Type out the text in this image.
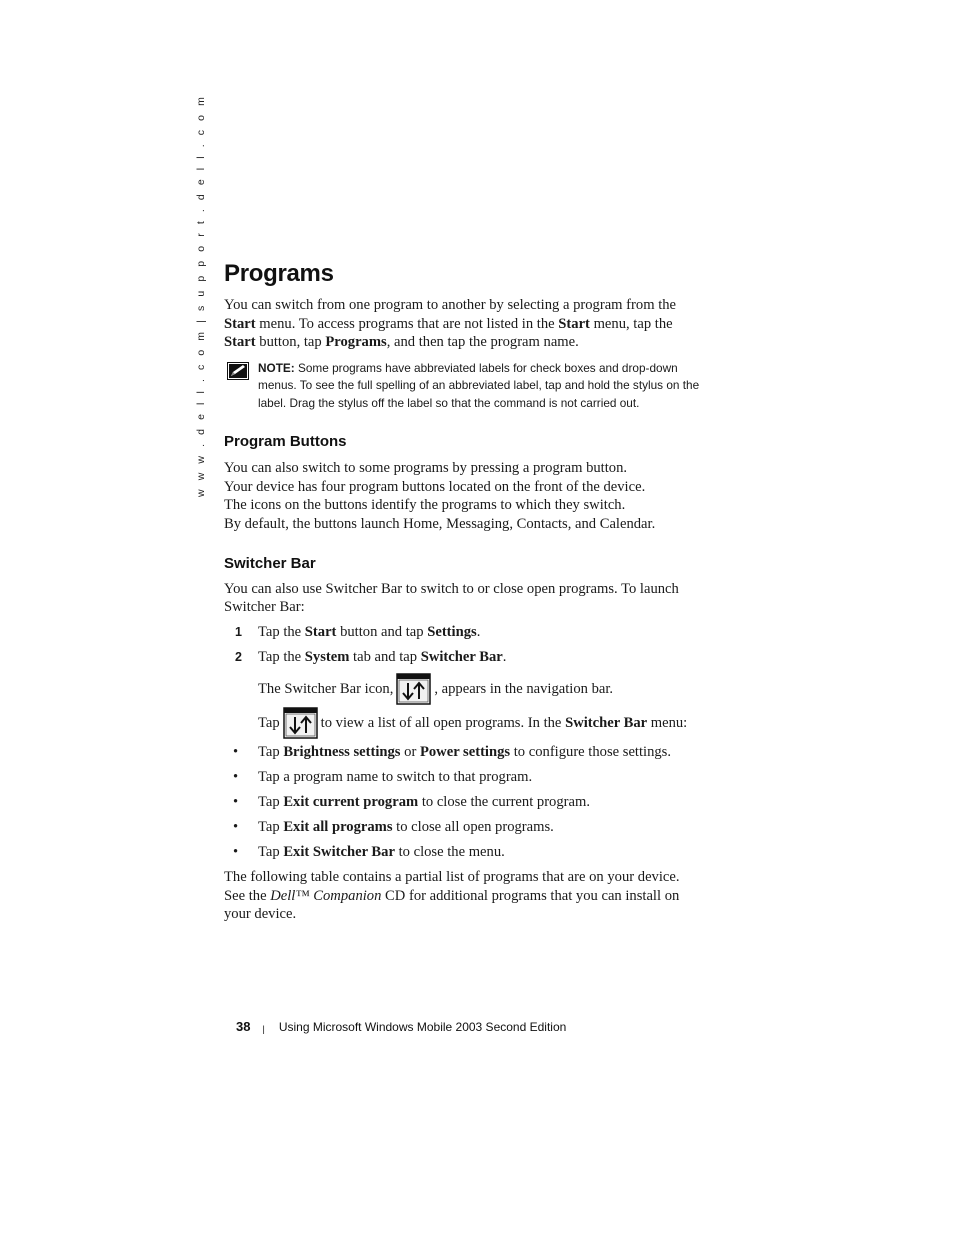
w w w . d e l l . c o m | s u p p o r t . d e l l . c o m Programs

You can switch from one program to another by selecting a program from the Start menu. To access programs that are not listed in the Start menu, tap the Start button, tap Programs, and then tap the program name.

NOTE: Some programs have abbreviated labels for check boxes and drop-down menus. To see the full spelling of an abbreviated label, tap and hold the stylus on the label. Drag the stylus off the label so that the command is not carried out.

Program Buttons

You can also switch to some programs by pressing a program button.

Your device has four program buttons located on the front of the device.

The icons on the buttons identify the programs to which they switch.

By default, the buttons launch Home, Messaging, Contacts, and Calendar.

Switcher Bar

You can also use Switcher Bar to switch to or close open programs. To launch Switcher Bar:

1 Tap the Start button and tap Settings.
2 Tap the System tab and tap Switcher Bar.
The Switcher Bar icon,	, appears in the navigation bar.
Tap	to view a list of all open programs. In the
Switcher Bar
menu:
• Tap Brightness settings or Power settings to configure those settings.
• Tap a program name to switch to that program.
• Tap Exit current program to close the current program.
• Tap Exit all programs to close all open programs.
• Tap Exit Switcher Bar to close the menu.

The following table contains a partial list of programs that are on your device. See the Dell™ Companion CD for additional programs that you can install on your device.

38 | Using Microsoft Windows Mobile 2003 Second Edition
